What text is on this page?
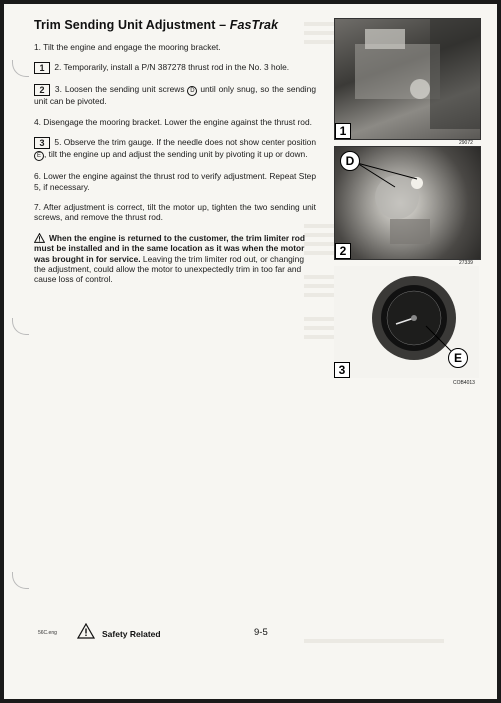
Trim Sending Unit Adjustment – FasTrak

1. Tilt the engine and engage the mooring bracket.

1 2. Temporarily, install a P/N 387278 thrust rod in the No. 3 hole.

2 3. Loosen the sending unit screws D until only snug, so the sending unit can be pivoted.

4. Disengage the mooring bracket. Lower the engine against the thrust rod.

3 5. Observe the trim gauge. If the needle does not show center position E , tilt the engine up and adjust the sending unit by pivoting it up or down.

6. Lower the engine against the thrust rod to verify adjustment. Repeat Step 5, if necessary.

7. After adjustment is correct, tilt the motor up, tighten the two sending unit screws, and remove the thrust rod.

When the engine is returned to the customer, the trim limiter rod must be installed and in the same location as it was when the motor was brought in for service. Leaving the trim limiter rod out, or changing the adjustment, could allow the motor to unexpectedly trim in too far and cause loss of control.

1
29072
D
2
27339
E
3
COB4013
56C.eng	Safety Related	9-5
